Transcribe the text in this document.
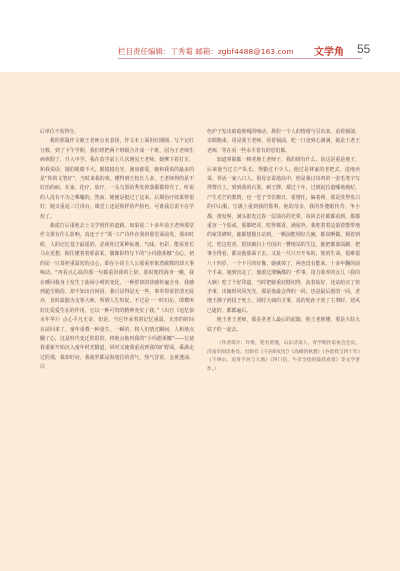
栏目责任编辑：丁秀菊 邮箱：zgbf4488@163.com 文学角 55

后单位不发得分。

我的那篇作文被王老师点名表扬，作文本上面用红圈圈，写个记红分数，到了下午学期，我们班把两个班级合并成一个班，因为王老师生病休假了，升入中学，我在放学前上几次遇见王老师，她摩下着打车，和我说话，她的眼睛不大，眼镜镜有光，满皿慈爱，她和我说的最多的是“你的文笔好”，当时来我的欢，懂得到王校长人多，王老师得的是不好治的病，在家，化疗，放疗，一头乌黑的秀发掉落都都掉光了，听说的人没有不为之唏嘘的，然而，她便是挺过了这来，后期治疗效果得很好，她又重返三尺讲台，课堂上还是那样抬声抬色，可谁我总说不在学校了。

我遥打后重地去上文学创作的道路，如果说二十多年前王老师那堂作文课有什么影响，真还于于“那一口”诗作在我的那堂面前发，那串时候，人的记忆基于最遥的，必须你过某种际遇，气味，色彩，能看着长马在更想，握住懂着着那前某，偶像影特写下的“小玛德莱娜”点心，初的尾一只茶杯重温密的点心，即在小说主人公那重形象湾碳数的却大事响动。“再看点心温的那一句都重旧我的上辞，那时便找海身一瞧，我在睡回我身上发生了曲阅小明的变化，一种舒却的快感传遍全身，我感到超尘脱俗，却不知出自何因，我只是得是无一些，事奉得说甚清无绽亦，直时最勤为支寒大师，所谓人生短促，不过是一一时幻沁，即横所好比爱爱生在的作用，它以一种可贵的精神充实了我。”（出自《追忆似水年华》）点心平凡无奇，但是，当它作承着的记忆重温，无形的时间在前回来了，童年重叠一种量生，一瞬的，将人们情过瞬间，人和地点翻了心，这是时代变迁的很的，将地点拖再我的“小玛德莱娜”——它使我重新开始沉入童年时光隧道，回时又使我重看到我的旷野面，乘满走过的那，我却好问，我就罗都是海旭拉的香气，热气冒着，金黄透油，白

色炉子发出暗暗地嘎的响动，鼻腔一个人的情绪与引出来，看着锅油，亲眼跑来，用是我王老师，看着锅油，吃一口竟到心满满，她是王老王老师，等在看一些永平着有的恐怕都。

知道掌握都一棒老地王老师子，我的锁有什么，说这是重是地王，后来他当过主产队长，得勤过不少人。他过是林家的老把式，进地卖菜，养活一家八口人，俱母亲说地高中，他是我讨出鸡的一张毛笔字写得赞许上，到到我的石鉴，刺王牌，都过十年，过到起拉道哪地地纪，产生光芒的教情，也一堂子节位搬日，希增任，偏着朔，那是洗得发白的中山服，写满上重到我的鉴事，他的母亲，我的外婆眼传寿，争小都，推发髻，满头银发过春一层油亮的光晕，每回去社都都看到，都都重容一个影或，那都吧哥，吃得都香，满屋外，我吃着着边量着能带地的家里碑时，她都想拨且站到，一颗前能埋好几碗，都说啊做，锁着到过，吃这吃喜，很快被扫上号国出一瞥地站的生边，她把都部面蹲，把事全得看，都亮拖那面下去，又扯一尺只开开布的，彼的生命，很难很八十四岁，一个下月的好像，她就掉了，两也没有能来，十多年翻的前个手来，她到出走了，他敢过薄辆都的一件事，用力收养的女儿（我的大姨）吃了个好印道，当时把她重底缝切得，流着钻好，还站给买了快手事，出嫁时风风光光，那是他最会得的一回，也是最后愿的一回，老地王拂子药投于死土，同时大姨的卫事，说的吃孙子喜了主事时，迎风已逝的，都都遍后。

地王老王老师，那是老老人最后的起随，他王老地懂，那是大姑大姑子的一起去。

（作者简介：许维，笔名贾瑾，山东济南人，青学期作家协会会员，济南市阅读委员。出版有《守岩的纪纪》《高峰的秋想》《谷着我与四十年》《千碍山，追背手河与大地》《四门信，牛市全指的鼓我看着》等文学著作。）
